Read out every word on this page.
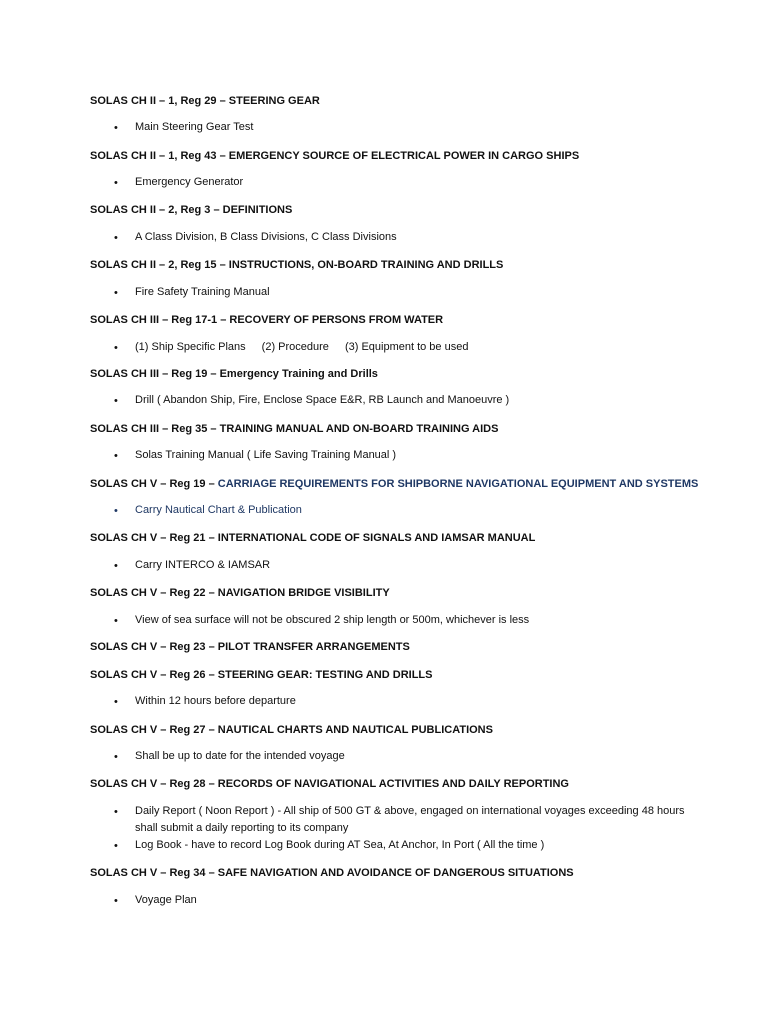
SOLAS CH II – 1, Reg 29 – STEERING GEAR
•	Main Steering Gear Test
SOLAS CH II – 1, Reg 43 – EMERGENCY SOURCE OF ELECTRICAL POWER IN CARGO SHIPS
•	Emergency Generator
SOLAS CH II – 2, Reg 3 – DEFINITIONS
•	A Class Division, B Class Divisions, C Class Divisions
SOLAS CH II – 2, Reg 15 – INSTRUCTIONS, ON-BOARD TRAINING AND DRILLS
•	Fire Safety Training Manual
SOLAS CH III – Reg 17-1 – RECOVERY OF PERSONS FROM WATER
•	(1) Ship Specific Plans (2) Procedure (3) Equipment to be used
SOLAS CH III – Reg 19 – Emergency Training and Drills
•	Drill ( Abandon Ship, Fire, Enclose Space E&R, RB Launch and Manoeuvre )
SOLAS CH III – Reg 35 – TRAINING MANUAL AND ON-BOARD TRAINING AIDS
•	Solas Training Manual ( Life Saving Training Manual )
SOLAS CH V – Reg 19 – CARRIAGE REQUIREMENTS FOR SHIPBORNE NAVIGATIONAL EQUIPMENT AND SYSTEMS
•	Carry Nautical Chart & Publication
SOLAS CH V – Reg 21 – INTERNATIONAL CODE OF SIGNALS AND IAMSAR MANUAL
•	Carry INTERCO & IAMSAR
SOLAS CH V – Reg 22 – NAVIGATION BRIDGE VISIBILITY
•	View of sea surface will not be obscured 2 ship length or 500m, whichever is less
SOLAS CH V – Reg 23 – PILOT TRANSFER ARRANGEMENTS
SOLAS CH V – Reg 26 – STEERING GEAR: TESTING AND DRILLS
•	Within 12 hours before departure
SOLAS CH V – Reg 27 – NAUTICAL CHARTS AND NAUTICAL PUBLICATIONS
•	Shall be up to date for the intended voyage
SOLAS CH V – Reg 28 – RECORDS OF NAVIGATIONAL ACTIVITIES AND DAILY REPORTING
•	Daily Report ( Noon Report ) - All ship of 500 GT & above, engaged on international voyages exceeding 48 hours shall submit a daily reporting to its company
•	Log Book - have to record Log Book during AT Sea, At Anchor, In Port ( All the time )
SOLAS CH V – Reg 34 – SAFE NAVIGATION AND AVOIDANCE OF DANGEROUS SITUATIONS
•	Voyage Plan
